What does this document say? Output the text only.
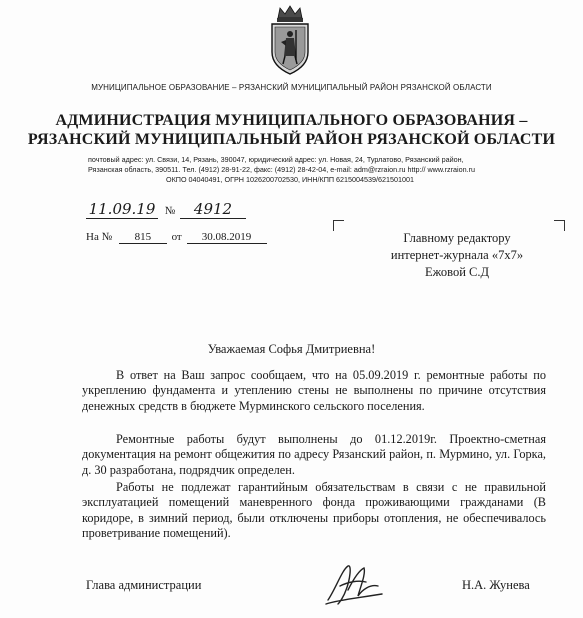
МУНИЦИПАЛЬНОЕ ОБРАЗОВАНИЕ – РЯЗАНСКИЙ МУНИЦИПАЛЬНЫЙ РАЙОН РЯЗАНСКОЙ ОБЛАСТИ
АДМИНИСТРАЦИЯ МУНИЦИПАЛЬНОГО ОБРАЗОВАНИЯ –
РЯЗАНСКИЙ МУНИЦИПАЛЬНЫЙ РАЙОН РЯЗАНСКОЙ ОБЛАСТИ
почтовый адрес: ул. Связи, 14, Рязань, 390047, юридический адрес: ул. Новая, 24, Турлатово, Рязанский район,
Рязанская область, 390511. Тел. (4912) 28-91-22, факс: (4912) 28-42-04, e-mail: adm@rzraion.ru http:// www.rzraion.ru
ОКПО 04040491, ОГРН 1026200702530, ИНН/КПП 6215004539/621501001
11.09.19 № 4912
На № 815 от 30.08.2019	Главному редактору
интернет-журнала «7x7»
Ежовой С.Д
Уважаемая Софья Дмитриевна!
В ответ на Ваш запрос сообщаем, что на 05.09.2019 г. ремонтные работы по укреплению фундамента и утеплению стены не выполнены по причине отсутствия денежных средств в бюджете Мурминского сельского поселения.
Ремонтные работы будут выполнены до 01.12.2019г. Проектно-сметная документация на ремонт общежития по адресу Рязанский район, п. Мурмино, ул. Горка, д. 30 разработана, подрядчик определен.
Работы не подлежат гарантийным обязательствам в связи с не правильной эксплуатацией помещений маневренного фонда проживающими гражданами (В коридоре, в зимний период, были отключены приборы отопления, не обеспечивалось проветривание помещений).
Глава администрации	Н.А. Жунева
